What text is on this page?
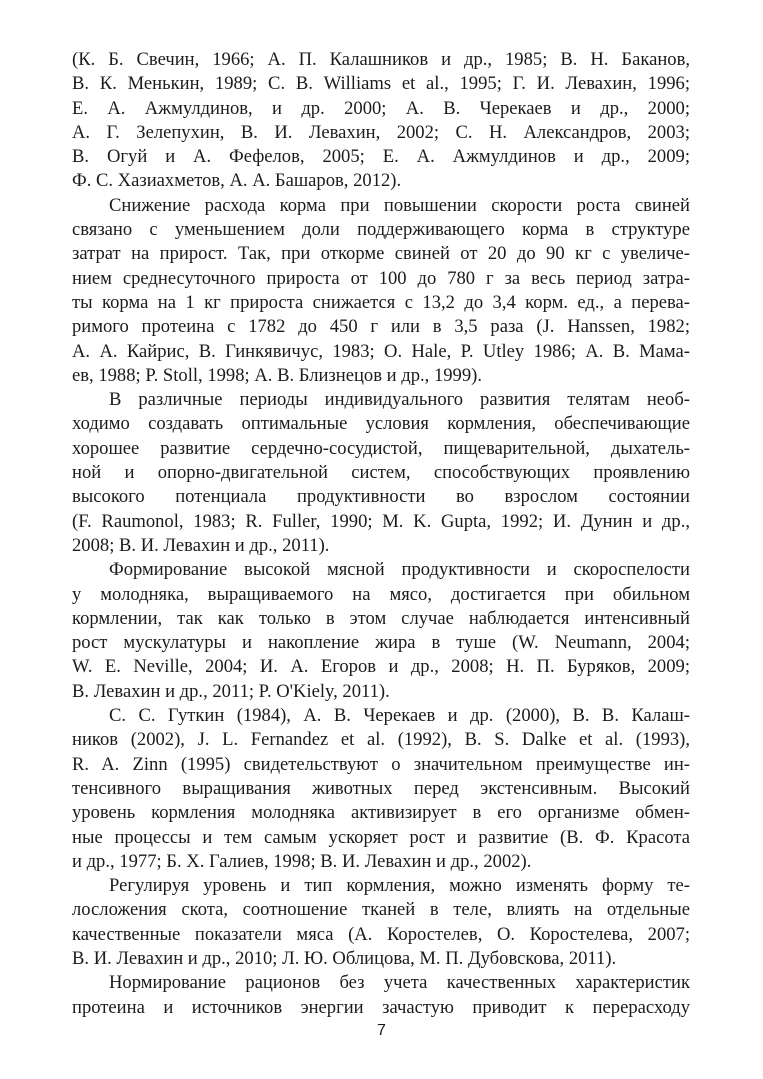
(К. Б. Свечин, 1966; А. П. Калашников и др., 1985; В. Н. Баканов,
В. К. Менькин, 1989; С. В. Williams et al., 1995; Г. И. Левахин, 1996;
Е. А. Ажмулдинов, и др. 2000; А. В. Черекаев и др., 2000;
А. Г. Зелепухин, В. И. Левахин, 2002; С. Н. Александров, 2003;
В. Огуй и А. Фефелов, 2005; Е. А. Ажмулдинов и др., 2009;
Ф. С. Хазиахметов, А. А. Башаров, 2012).
Снижение расхода корма при повышении скорости роста свиней
связано с уменьшением доли поддерживающего корма в структуре
затрат на прирост. Так, при откорме свиней от 20 до 90 кг с увеличе-
нием среднесуточного прироста от 100 до 780 г за весь период затра-
ты корма на 1 кг прироста снижается с 13,2 до 3,4 корм. ед., а перева-
римого протеина с 1782 до 450 г или в 3,5 раза (J. Hanssen, 1982;
А. А. Кайрис, В. Гинкявичус, 1983; O. Hale, P. Utley 1986; А. В. Мама-
ев, 1988; P. Stoll, 1998; А. В. Близнецов и др., 1999).
В различные периоды индивидуального развития телятам необ-
ходимо создавать оптимальные условия кормления, обеспечивающие
хорошее развитие сердечно-сосудистой, пищеварительной, дыхатель-
ной и опорно-двигательной систем, способствующих проявлению
высокого потенциала продуктивности во взрослом состоянии
(F. Raumonol, 1983; R. Fuller, 1990; M. K. Gupta, 1992; И. Дунин и др.,
2008; В. И. Левахин и др., 2011).
Формирование высокой мясной продуктивности и скороспелости
у молодняка, выращиваемого на мясо, достигается при обильном
кормлении, так как только в этом случае наблюдается интенсивный
рост мускулатуры и накопление жира в туше (W. Neumann, 2004;
W. E. Neville, 2004; И. А. Егоров и др., 2008; Н. П. Буряков, 2009;
В. Левахин и др., 2011; P. O'Kiely, 2011).
С. С. Гуткин (1984), А. В. Черекаев и др. (2000), В. В. Калаш-
ников (2002), J. L. Fernandez et al. (1992), B. S. Dalke et al. (1993),
R. A. Zinn (1995) свидетельствуют о значительном преимуществе ин-
тенсивного выращивания животных перед экстенсивным. Высокий
уровень кормления молодняка активизирует в его организме обмен-
ные процессы и тем самым ускоряет рост и развитие (В. Ф. Красота
и др., 1977; Б. Х. Галиев, 1998; В. И. Левахин и др., 2002).
Регулируя уровень и тип кормления, можно изменять форму те-
лосложения скота, соотношение тканей в теле, влиять на отдельные
качественные показатели мяса (А. Коростелев, О. Коростелева, 2007;
В. И. Левахин и др., 2010; Л. Ю. Облицова, М. П. Дубовскова, 2011).
Нормирование рационов без учета качественных характеристик
протеина и источников энергии зачастую приводит к перерасходу
7
